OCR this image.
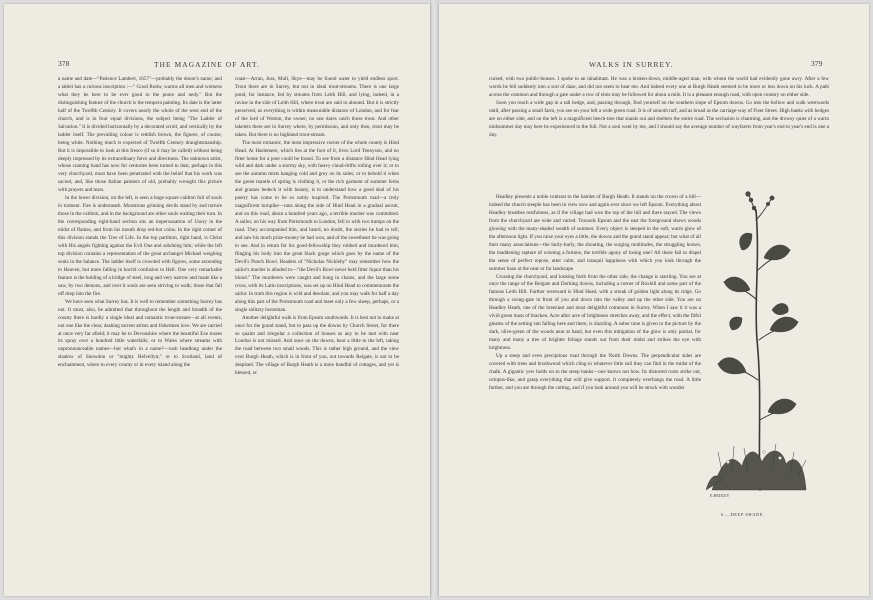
378	THE MAGAZINE OF ART.

a name and date—"Patience Lambert, 1657"—probably the donor's name; and a tablet has a curious inscription :—" Good Rodw, warms all men and womens what they be here to be ever good to the poore and nedy." But the distinguishing feature of the church is the tempera painting. Its date is the latter half of the Twelfth Century. It covers nearly the whole of the west end of the church, and is in four equal divisions, the subject being "The Ladder of Salvation." It is divided horizontally by a decorated scroll, and vertically by the ladder itself. The prevailing colour is reddish brown, the figures, of course, being white. Nothing much is expected of Twelfth Century draughtsmanship. But it is impossible to look at this fresco (if so it may be called) without being deeply impressed by its extraordinary force and directness. The unknown artist, whose cunning hand has now for centuries been turned to dust, perhaps in this very churchyard, must have been penetrated with the belief that his work was sacred, and, like those Italian painters of old, probably wrought this picture with prayers and tears.

In the lower division, on the left, is seen a huge square caldron full of souls in torment. Fire is underneath. Monstrous grinning devils stand by and torture those in the caldron, and in the background are other souls waiting their turn. In the corresponding right-hand section sits an impersonation of Usury in the midst of flames, and from his mouth drop red-hot coins. In the right corner of this division stands the Tree of Life. In the top partition, right hand, is Christ with His angels fighting against the Evil One and subduing him; while the left top division contains a representation of the great archangel Michael weighing souls in the balance. The ladder itself is crowded with figures, some ascending to Heaven, but more falling in horrid confusion to Hell. One very remarkable feature is the holding of a bridge of steel, long and very narrow and made like a saw, by two demons, and over it souls are seen striving to walk; those that fall off drop into the fire.

We have seen what Surrey has. It is well to remember something Surrey has not. It must, also, be admitted that throughout the length and breadth of the county there is hardly a single ideal and romantic trout-stream—at all events, not one like the clear, dashing torrent artists and fishermen love. We are carried at once very far afield; it may be to Devonshire where the beautiful Exe tosses its spray over a hundred little waterfalls; or to Wales where streams with unpronounceable names—but what's in a name?—rush headlong under the shadow of Snowdon or "mighty Helvellyn;" or to Scotland, land of enchantment, where in every county or in every island along the

coast—Arran, Jura, Mull, Skye—may be found water to yield endless sport. Trout there are in Surrey, but not in ideal trout-streams. There is one large pond, for instance, fed by streams from Leith Hill, and lying, indeed, in a ravine in the side of Leith Hill, where trout are said to abound. But it is strictly preserved, as everything is within measurable distance of London, and for fear of the lord of Wotton, the owner, no one dares catch those trout. And other lakelets there are in Surrey where, by permission, and only then, trout may be taken. But there is no highland trout-stream.

The most romantic, the most impressive corner of the whole county is Hind Head. At Haslemere, which lies at the foot of it, lives Lord Tennyson, and no fitter home for a poet could be found. To see from a distance Hind Head lying wild and dark under a stormy sky, with heavy cloud-drifts rolling over it; or to see the autumn mists hanging cold and grey on its sides; or to behold it when the green mantle of spring is clothing it, or the rich garment of summer ferns and grasses bedeck it with beauty, is to understand how a good deal of his poetry has come to be so nobly inspired. The Portsmouth road—a truly magnificent turnpike—runs along the side of Hind Head in a gradual ascent, and on this road, about a hundred years ago, a terrible murder was committed. A sailor, on his way from Portsmouth to London, fell in with two tramps on the road. They accompanied him, and heard, no doubt, the stories he had to tell, and saw his much prize-money he had won, and of the sweetheart he was going to see. And in return for his good-fellowship they robbed and murdered him, flinging his body into the great black gorge which goes by the name of the Devil's Punch Bowl. Readers of "Nicholas Nickleby" may remember how the sailor's murder is alluded to—"the Devil's Bowl never held fitter liquor than his blood." The murderers were caught and hung in chains, and the large stone cross, with its Latin inscriptions, was set up on Hind Head to commemorate the sailor. In truth this region is wild and desolate, and you may walk for half a day along this part of the Portsmouth road and meet only a few sheep, perhaps, or a single solitary horseman.

Another delightful walk is from Epsom southwards. It is best not to make at once for the grand stand, but to pass up the downs by Church Street, for there so quaint and irregular a collection of houses as any to be met with near London is not missed. And once on the downs, bear a little to the left, taking the road between two small woods. This is rather high ground, and the view over Burgh Heath, which is in front of you, out towards Reigate, is not to be despised. The village of Burgh Heath is a more handful of cottages, and yet is blessed, or

WALKS IN SURREY.	379

cursed, with two public-houses. I spoke to an inhabitant. He was a broken-down, middle-aged man, with whom the world had evidently gone awry. After a few words he fell suddenly into a sort of daze, and did not seem to hear me. And indeed every one at Burgh Heath seemed to be more or less down on his luck. A path across the common and through a gate under a row of elms may be followed for about a mile. It is a pleasant enough road, with open country on either side.

Soon you reach a wide gap in a tall hedge, and, passing through, find yourself on the southern slope of Epsom downs. Go into the hollow and walk westwards until, after passing a small farm, you see on your left a wide green road. It is of smooth turf, and as broad as the carriage-way of Fleet Street. High banks with hedges are on either side, and on the left is a magnificent beech-tree that stands out and shelters the entire road. The seclusion is charming, and the drowsy quiet of a warm midsummer day may here be experienced to the full. Not a soul went by me, and I should say the average number of wayfarers from year's end to year's end is one a day.

Headley presents a noble contrast to the hamlet of Burgh Heath. It stands on the crown of a hill—indeed the church steeple has been in view now and again ever since we left Epsom. Everything about Headley breathes restfulness, as if the village had won the top of the hill and there stayed. The views from the churchyard are wide and varied. Towards Epsom and the east the foreground shows woods glowing with the many-shaded wealth of summer. Every object is steeped in the soft, warm glow of the afternoon light. If you raise your eyes a little, the downs and the grand stand appear; but what of all their many associations—the hurly-burly, the shouting, the surging multitudes, the struggling horses, the maddening rapture of winning a fortune, the terrible agony of losing one? All these fail to dispel the sense of perfect repose, utter calm, and tranquil happiness with which you look through the summer haze at the near or far landscape.

Crossing the churchyard, and looking forth from the other side, the change is startling. You see at once the range of the Reigate and Dorking downs, including a corner of Boxhill and some part of the famous Leith Hill. Further westward is Hind Head, with a streak of golden light along its ridge. Go through a swing-gate in front of you and down into the valley and up the other side. You are on Headley Heath, one of the breeziest and most delightful commons in Surrey. When I saw it it was a vivid green mass of bracken. Acre after acre of brightness stretches away, and the effect, with the fitful gleams of the setting sun falling here and there, is dazzling. A sober tone is given to the picture by the dark, olive-green of the woods near at hand, but even this mitigation of the glow is only partial, for many and many a tree of brighter foliage stands out from their midst and strikes the eye with brightness.

Up a steep and even precipitous road through the North Downs. The perpendicular sides are covered with trees and brushwood which cling to whatever little soil they can find in the midst of the chalk. A gigantic yew holds on to the steep banks—one knows not how. Its distorted roots strike out, octopus-like, and grasp everything that will give support. It completely overhangs the road. A little further, and you are through the cutting, and if you look around you will be struck with wonder

E.HEDLEY
6.—DEEP SHADE.
